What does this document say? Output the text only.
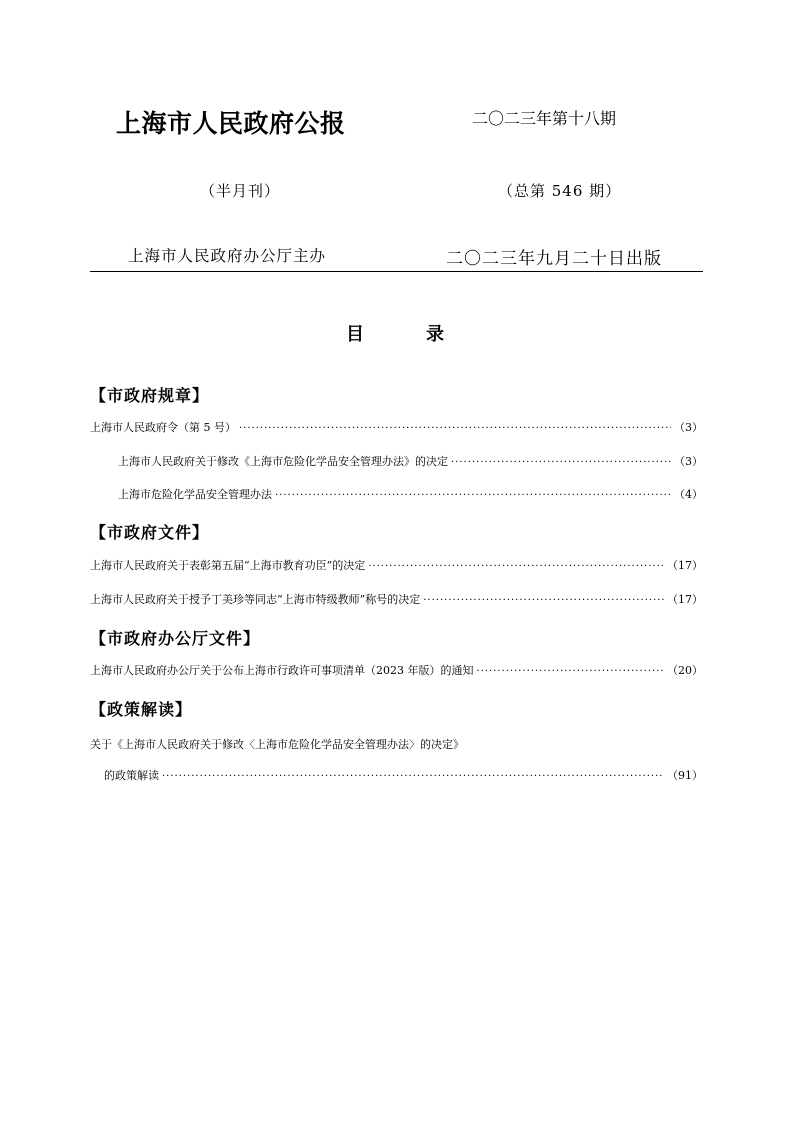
上海市人民政府公报	二〇二三年第十八期
（半月刊）	（总第 546 期）
上海市人民政府办公厅主办	二〇二三年九月二十日出版
目	录
【市政府规章】
上海市人民政府令（第 5 号） ·····	（3）
上海市人民政府关于修改《上海市危险化学品安全管理办法》的决定 ·····	（3）
上海市危险化学品安全管理办法 ·····	（4）
【市政府文件】
上海市人民政府关于表彰第五届“上海市教育功臣”的决定 ·····	（17）
上海市人民政府关于授予丁美珍等同志“上海市特级教师”称号的决定 ·····	（17）
【市政府办公厅文件】
上海市人民政府办公厅关于公布上海市行政许可事项清单（2023 年版）的通知 ·····	（20）
【政策解读】
关于《上海市人民政府关于修改〈上海市危险化学品安全管理办法〉的决定》
的政策解读 ·····	（91）
